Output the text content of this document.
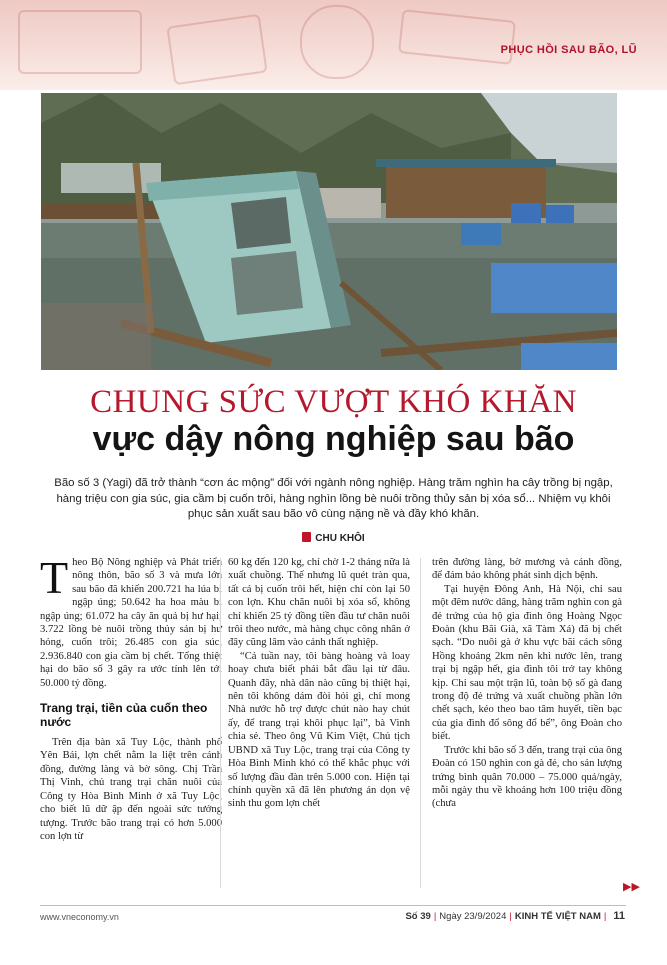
PHỤC HỒI SAU BÃO, LŨ
CHUNG SỨC VƯỢT KHÓ KHĂN
vực dậy nông nghiệp sau bão

Bão số 3 (Yagi) đã trở thành “cơn ác mộng” đối với ngành nông nghiệp. Hàng trăm nghìn ha cây trồng bị ngập, hàng triệu con gia súc, gia cầm bị cuốn trôi, hàng nghìn lồng bè nuôi trồng thủy sản bị xóa sổ... Nhiệm vụ khôi phục sản xuất sau bão vô cùng nặng nề và đầy khó khăn.

CHU KHÔI
T heo Bộ Nông nghiệp và Phát triển nông thôn, bão số 3 và mưa lớn sau bão đã khiến 200.721 ha lúa bị ngập úng; 50.642 ha hoa màu bị ngập úng; 61.072 ha cây ăn quả bị hư hại; 3.722 lồng bè nuôi trồng thủy sản bị hư hỏng, cuốn trôi; 26.485 con gia súc, 2.936.840 con gia cầm bị chết. Tổng thiệt hại do bão số 3 gây ra ước tính lên tới 50.000 tỷ đồng.

Trang trại, tiền của cuốn theo nước

Trên địa bàn xã Tuy Lộc, thành phố Yên Bái, lợn chết nằm la liệt trên cánh đồng, đường làng và bờ sông. Chị Trần Thị Vinh, chủ trang trại chăn nuôi của Công ty Hòa Bình Minh ở xã Tuy Lộc, cho biết lũ dữ ập đến ngoài sức tưởng tượng. Trước bão trang trại có hơn 5.000 con lợn từ

60 kg đến 120 kg, chỉ chờ 1-2 tháng nữa là xuất chuồng. Thế nhưng lũ quét tràn qua, tất cả bị cuốn trôi hết, hiện chỉ còn lại 50 con lợn. Khu chăn nuôi bị xóa sổ, không chỉ khiến 25 tỷ đồng tiền đầu tư chăn nuôi trôi theo nước, mà hàng chục công nhân ở đây cũng lâm vào cảnh thất nghiệp.

“Cả tuần nay, tôi bàng hoàng và loay hoay chưa biết phải bắt đầu lại từ đâu. Quanh đây, nhà dân nào cũng bị thiệt hại, nên tôi không dám đòi hỏi gì, chỉ mong Nhà nước hỗ trợ được chút nào hay chút ấy, để trang trại khôi phục lại”, bà Vinh chia sẻ. Theo ông Vũ Kim Việt, Chủ tịch UBND xã Tuy Lộc, trang trại của Công ty Hòa Bình Minh khó có thể khắc phục với số lượng đầu đàn trên 5.000 con. Hiện tại chính quyền xã đã lên phương án dọn vệ sinh thu gom lợn chết

trên đường làng, bờ mương và cánh đồng, để đảm bảo không phát sinh dịch bệnh.

Tại huyện Đông Anh, Hà Nội, chỉ sau một đêm nước dâng, hàng trăm nghìn con gà đẻ trứng của hộ gia đình ông Hoàng Ngọc Đoàn (khu Bãi Già, xã Tàm Xá) đã bị chết sạch. “Do nuôi gà ở khu vực bãi cách sông Hồng khoảng 2km nên khi nước lên, trang trại bị ngập hết, gia đình tôi trở tay không kịp. Chỉ sau một trận lũ, toàn bộ số gà đang trong độ đẻ trứng và xuất chuồng phần lớn chết sạch, kéo theo bao tâm huyết, tiền bạc của gia đình đổ sông đổ bể”, ông Đoàn cho biết.

Trước khi bão số 3 đến, trang trại của ông Đoàn có 150 nghìn con gà đẻ, cho sản lượng trứng bình quân 70.000 – 75.000 quả/ngày, mỗi ngày thu về khoảng hơn 100 triệu đồng (chưa

▶▶
www.vneconomy.vn	Số 39 | Ngày 23/9/2024 | KINH TẾ VIỆT NAM | 11
